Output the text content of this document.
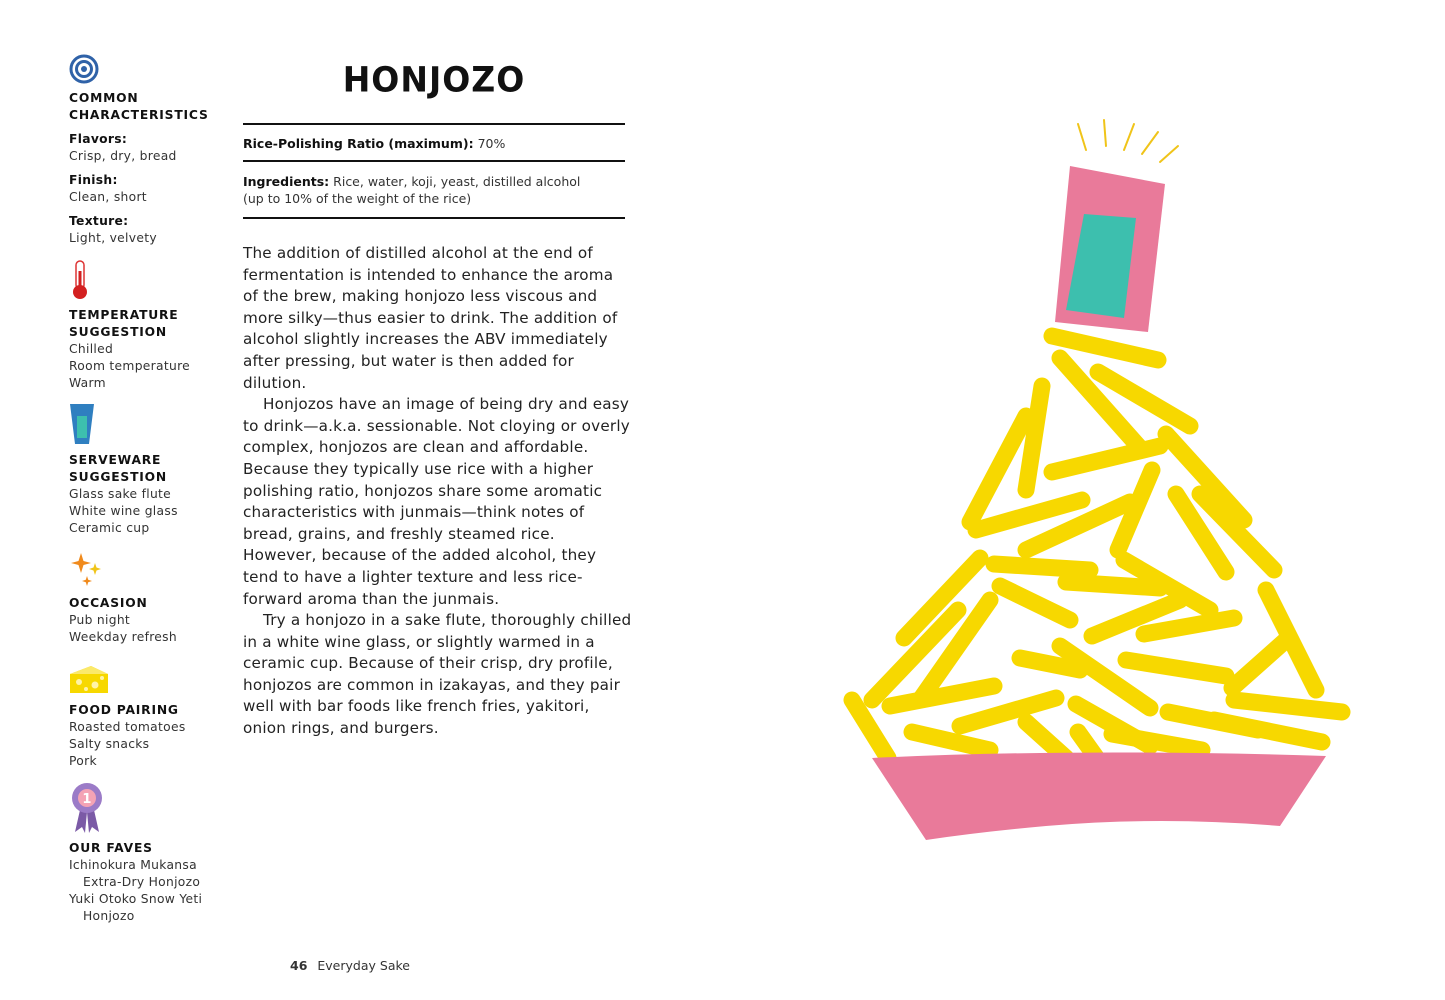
COMMON
CHARACTERISTICS
Flavors:
Crisp, dry, bread
Finish:
Clean, short
Texture:
Light, velvety
TEMPERATURE
SUGGESTION
Chilled
Room temperature
Warm
SERVEWARE
SUGGESTION
Glass sake flute
White wine glass
Ceramic cup
OCCASION
Pub night
Weekday refresh
FOOD PAIRING
Roasted tomatoes
Salty snacks
Pork
1
OUR FAVES
Ichinokura Mukansa
Extra-Dry Honjozo
Yuki Otoko Snow Yeti
Honjozo
HONJOZO
Rice-Polishing Ratio (maximum): 70%
Ingredients: Rice, water, koji, yeast, distilled alcohol
(up to 10% of the weight of the rice)

The addition of distilled alcohol at the end of fermentation is intended to enhance the aroma of the brew, making honjozo less viscous and more silky—thus easier to drink. The addition of alcohol slightly increases the ABV immediately after pressing, but water is then added for dilution.

Honjozos have an image of being dry and easy to drink—a.k.a. sessionable. Not cloying or overly complex, honjozos are clean and affordable. Because they typically use rice with a higher polishing ratio, honjozos share some aromatic characteristics with junmais—think notes of bread, grains, and freshly steamed rice. However, because of the added alcohol, they tend to have a lighter texture and less rice-forward aroma than the junmais.

Try a honjozo in a sake flute, thoroughly chilled in a white wine glass, or slightly warmed in a ceramic cup. Because of their crisp, dry profile, honjozos are common in izakayas, and they pair well with bar foods like french fries, yakitori, onion rings, and burgers.

46 Everyday Sake
